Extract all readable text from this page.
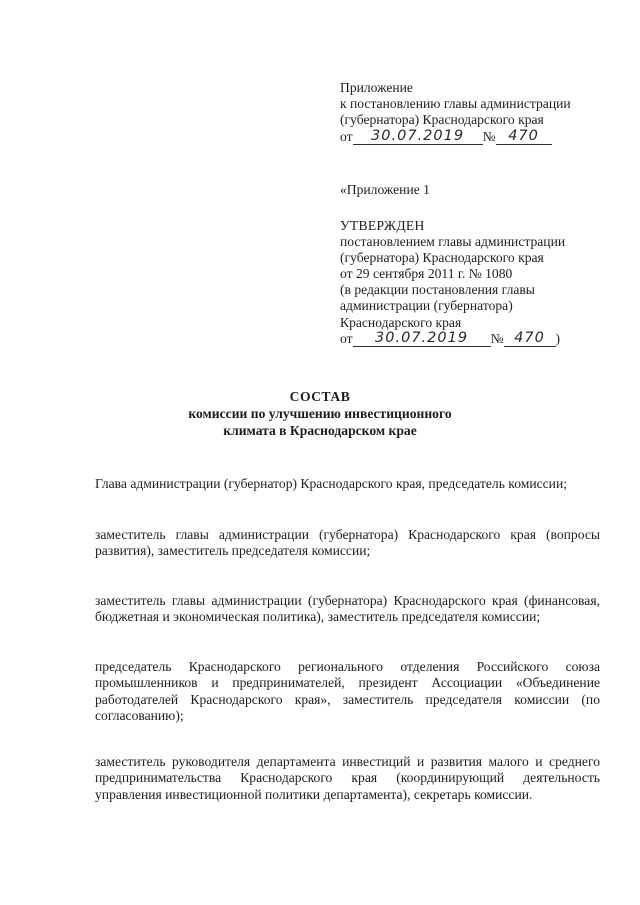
Приложение
к постановлению главы администрации
(губернатора) Краснодарского края
от	30.07.2019	№ 470
«Приложение 1
УТВЕРЖДЕН
постановлением главы администрации
(губернатора) Краснодарского края
от 29 сентября 2011 г. № 1080
(в редакции постановления главы
администрации (губернатора)
Краснодарского края
от	30.07.2019	№ 470 )
СОСТАВ
комиссии по улучшению инвестиционного
климата в Краснодарском крае

Глава администрации (губернатор) Краснодарского края, председатель комиссии;

заместитель главы администрации (губернатора) Краснодарского края (вопросы развития), заместитель председателя комиссии;

заместитель главы администрации (губернатора) Краснодарского края (финансовая, бюджетная и экономическая политика), заместитель председателя комиссии;

председатель Краснодарского регионального отделения Российского союза промышленников и предпринимателей, президент Ассоциации «Объединение работодателей Краснодарского края», заместитель председателя комиссии (по согласованию);

заместитель руководителя департамента инвестиций и развития малого и среднего предпринимательства Краснодарского края (координирующий деятельность управления инвестиционной политики департамента), секретарь комиссии.
